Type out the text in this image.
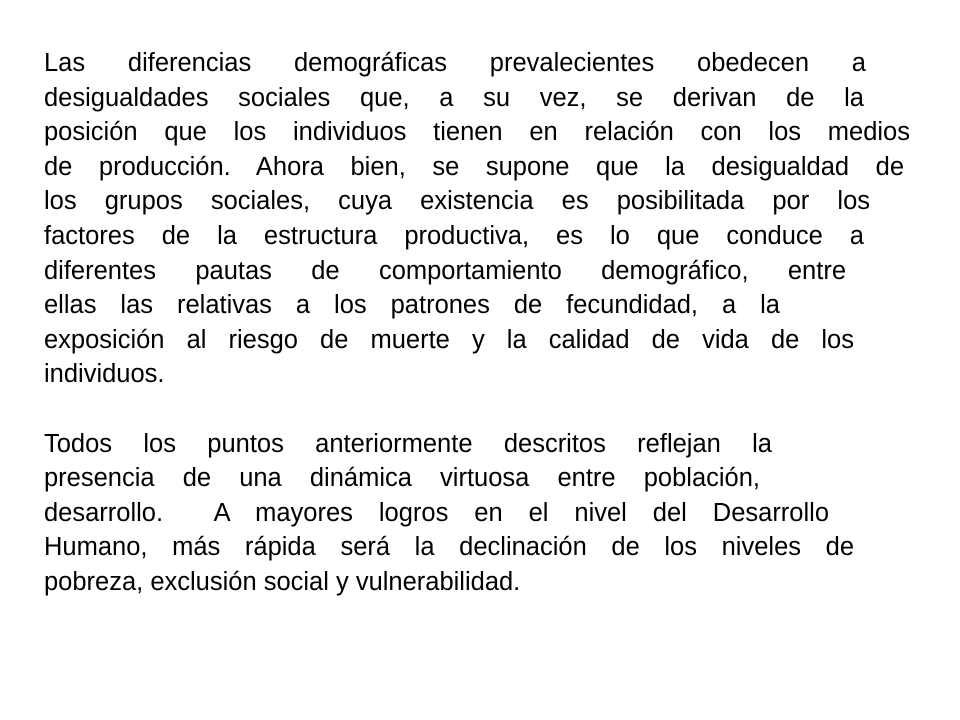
Las diferencias demográficas prevalecientes obedecen a
desigualdades sociales que, a su vez, se derivan de la
posición que los individuos tienen en relación con los medios
de producción. Ahora bien, se supone que la desigualdad de
los grupos sociales, cuya existencia es posibilitada por los
factores de la estructura productiva, es lo que conduce a
diferentes pautas de comportamiento demográfico, entre
ellas las relativas a los patrones de fecundidad, a la
exposición al riesgo de muerte y la calidad de vida de los
individuos.
Todos los puntos anteriormente descritos reflejan la
presencia de una dinámica virtuosa entre población,
desarrollo.  A mayores logros en el nivel del Desarrollo
Humano, más rápida será la declinación de los niveles de
pobreza, exclusión social y vulnerabilidad.
